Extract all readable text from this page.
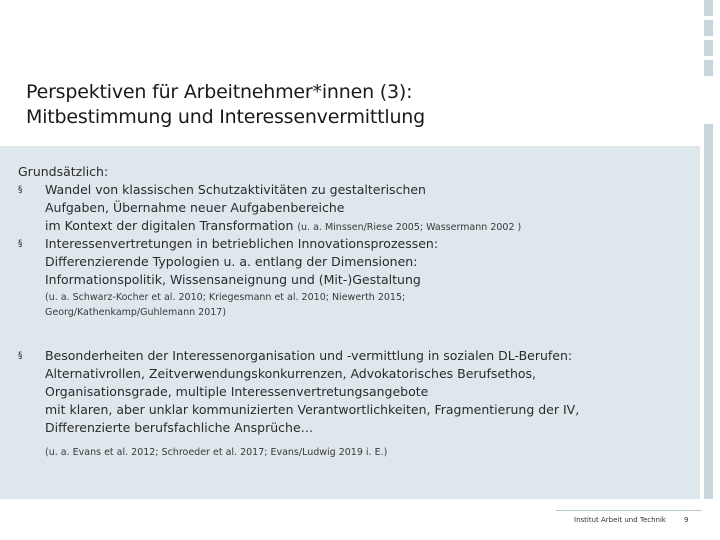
Perspektiven für Arbeitnehmer*innen (3):
Mitbestimmung und Interessenvermittlung
Grundsätzlich:
§ Wandel von klassischen Schutzaktivitäten zu gestalterischen
Aufgaben, Übernahme neuer Aufgabenbereiche
im Kontext der digitalen Transformation (u. a. Minssen/Riese 2005; Wassermann 2002 )
§ Interessenvertretungen in betrieblichen Innovationsprozessen:
Differenzierende Typologien u. a. entlang der Dimensionen:
Informationspolitik, Wissensaneignung und (Mit-)Gestaltung
(u. a. Schwarz-Kocher et al. 2010; Kriegesmann et al. 2010; Niewerth 2015;
Georg/Kathenkamp/Guhlemann 2017)
§ Besonderheiten der Interessenorganisation und -vermittlung in sozialen DL-Berufen:
Alternativrollen, Zeitverwendungskonkurrenzen, Advokatorisches Berufsethos,
Organisationsgrade, multiple Interessenvertretungsangebote
mit klaren, aber unklar kommunizierten Verantwortlichkeiten, Fragmentierung der IV,
Differenzierte berufsfachliche Ansprüche…
(u. a. Evans et al. 2012; Schroeder et al. 2017; Evans/Ludwig 2019 i. E.)
Institut Arbeit und Technik	9
